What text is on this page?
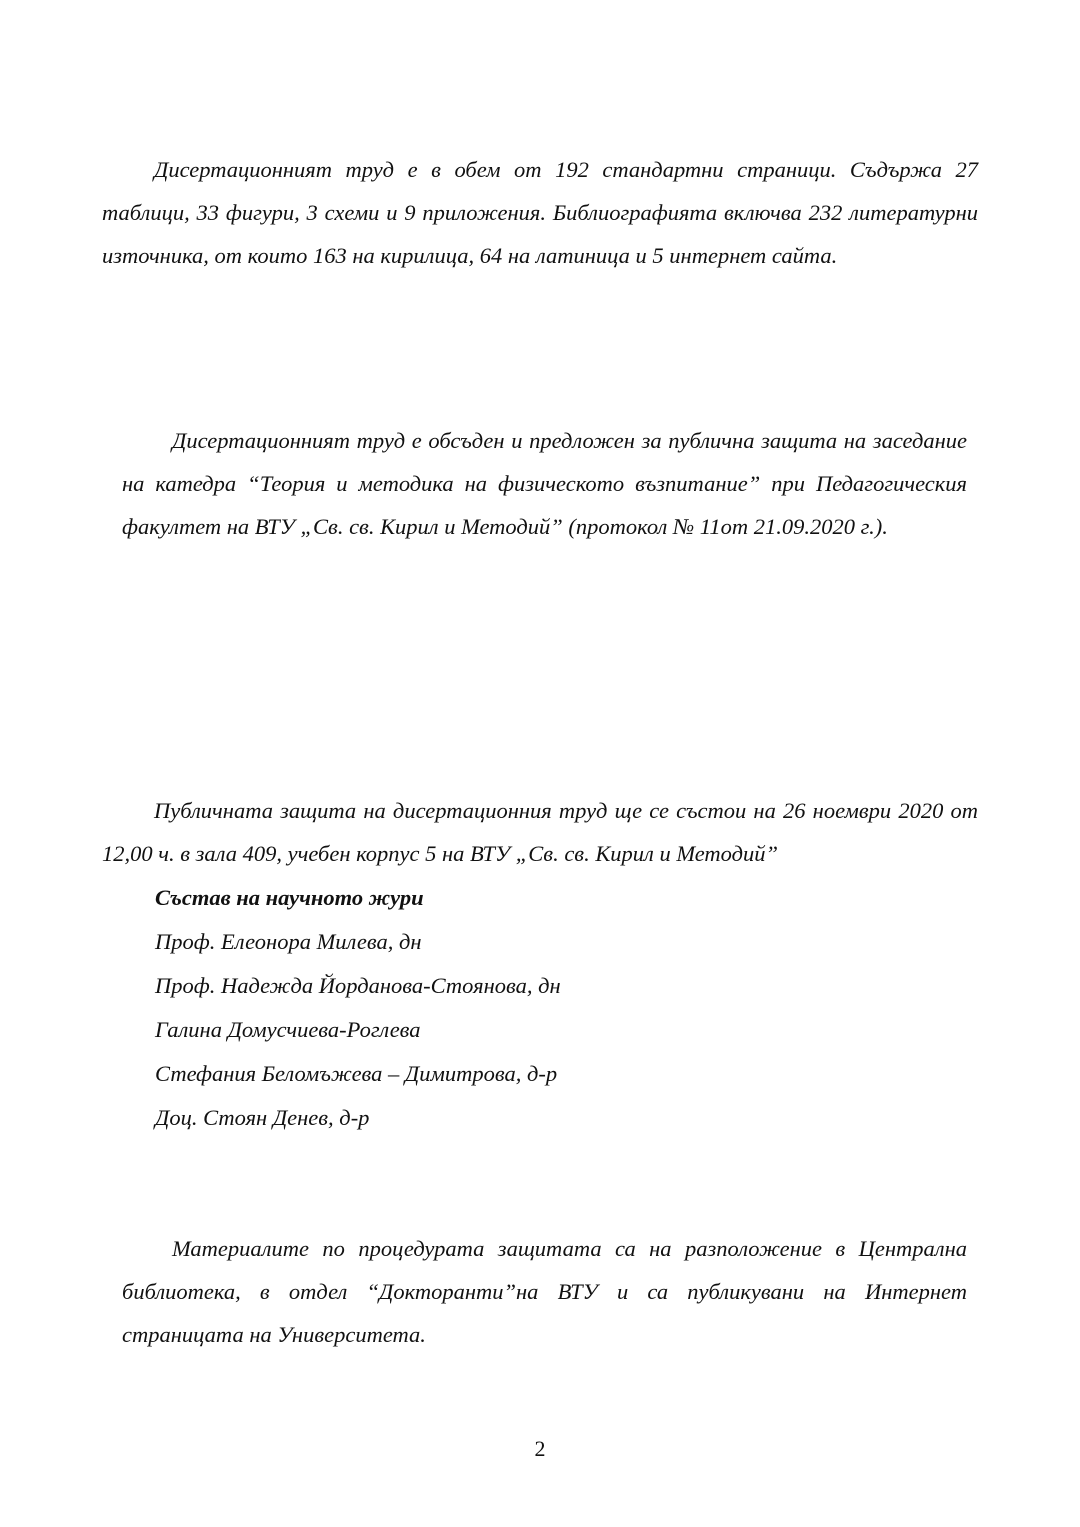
Дисертационният труд е в обем от 192 стандартни страници. Съдържа 27 таблици, 33 фигури, 3 схеми и 9 приложения. Библиографията включва 232 литературни източника, от които 163 на кирилица, 64 на латиница и 5 интернет сайта.

Дисертационният труд е обсъден и предложен за публична защита на заседание на катедра “Теория и методика на физическото възпитание” при Педагогическия факултет на ВТУ „Св. св. Кирил и Методий” (протокол № 11от 21.09.2020 г.).

Публичната защита на дисертационния труд ще се състои на 26 ноември 2020 от 12,00 ч. в зала 409, учебен корпус 5 на ВТУ „Св. св. Кирил и Методий”

Състав на научното жури
Проф. Елеонора Милева, дн
Проф. Надежда Йорданова-Стоянова, дн
Галина Домусчиева-Роглева
Стефания Беломъжева – Димитрова, д-р
Доц. Стоян Денев, д-р

Материалите по процедурата защитата са на разположение в Централна библиотека, в отдел “Докторанти”на ВТУ и са публикувани на Интернет страницата на Университета.

2
